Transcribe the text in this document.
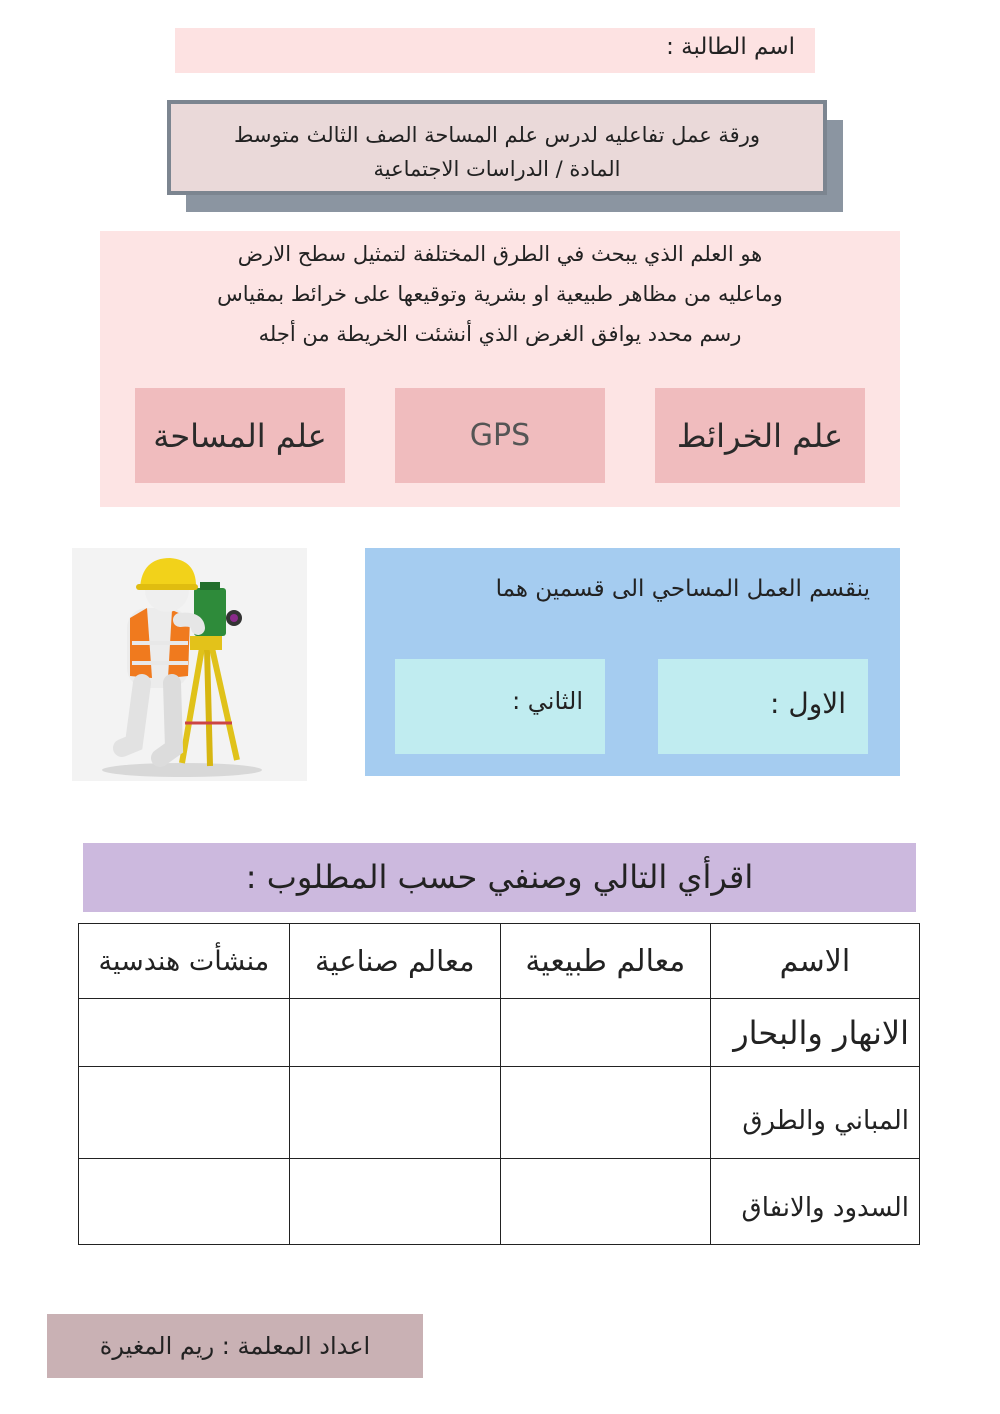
اسم الطالبة :
ورقة عمل تفاعليه لدرس علم المساحة الصف الثالث متوسط
المادة / الدراسات الاجتماعية
هو العلم الذي يبحث في الطرق المختلفة لتمثيل سطح الارض
وماعليه من مظاهر طبيعية او بشرية وتوقيعها على خرائط بمقياس
رسم محدد يوافق الغرض الذي أنشئت الخريطة من أجله
علم الخرائط
GPS
علم المساحة
ينقسم العمل المساحي الى قسمين هما
الاول :
الثاني :
اقرأي التالي وصنفي حسب المطلوب :
الاسم	معالم طبيعية	معالم صناعية	منشأت هندسية
الانهار والبحار			
المباني والطرق			
السدود والانفاق			
اعداد المعلمة : ريم المغيرة
